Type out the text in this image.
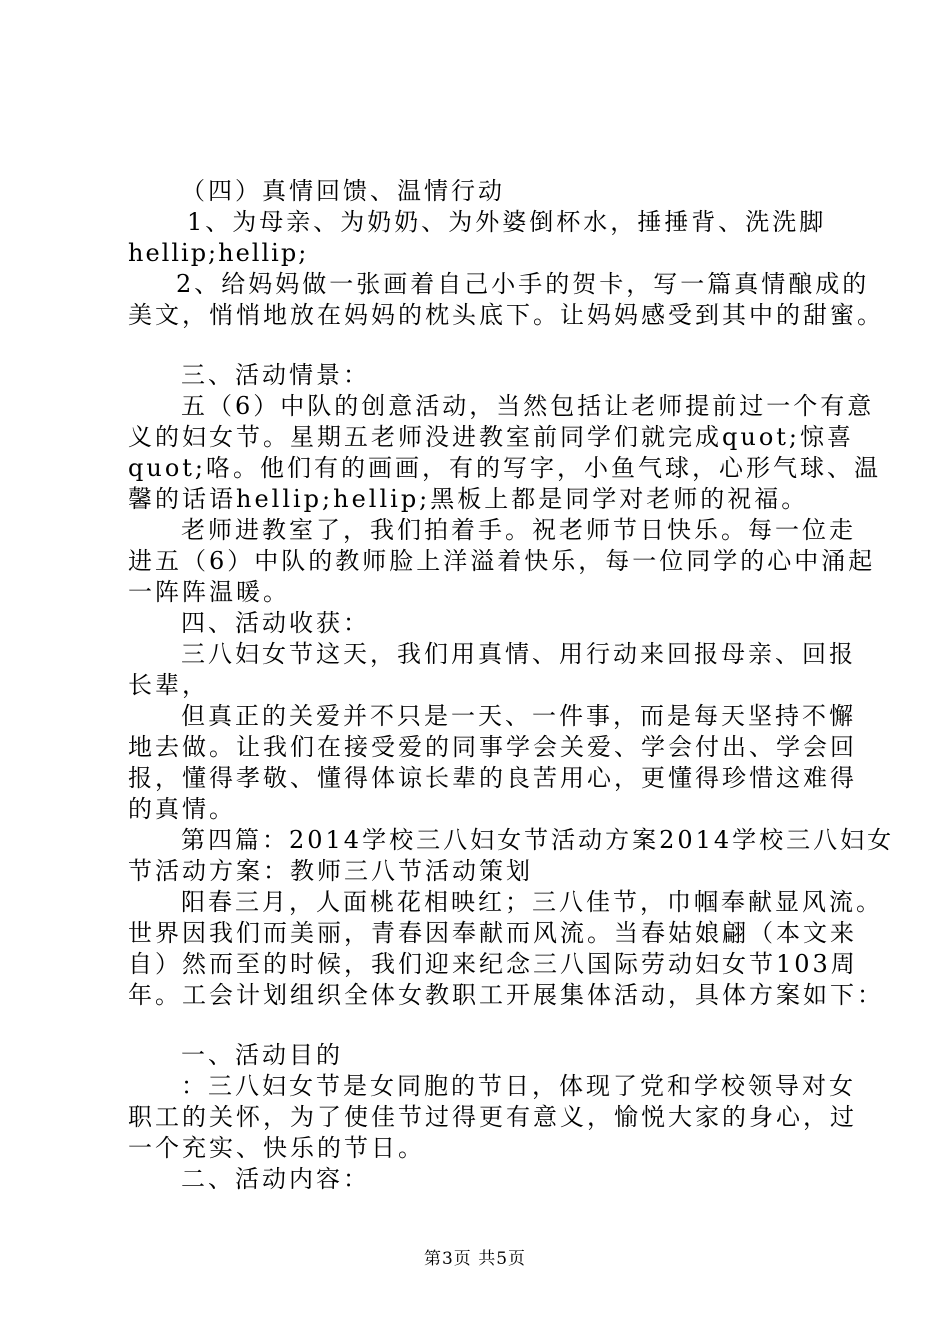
（四）真情回馈、温情行动
1、为母亲、为奶奶、为外婆倒杯水，捶捶背、洗洗脚
hellip;hellip;
2、给妈妈做一张画着自己小手的贺卡，写一篇真情酿成的
美文，悄悄地放在妈妈的枕头底下。让妈妈感受到其中的甜蜜。
三、活动情景：
五（6）中队的创意活动，当然包括让老师提前过一个有意
义的妇女节。星期五老师没进教室前同学们就完成quot;惊喜
quot;咯。他们有的画画，有的写字，小鱼气球，心形气球、温
馨的话语hellip;hellip;黑板上都是同学对老师的祝福。
老师进教室了，我们拍着手。祝老师节日快乐。每一位走
进五（6）中队的教师脸上洋溢着快乐，每一位同学的心中涌起
一阵阵温暖。
四、活动收获：
三八妇女节这天，我们用真情、用行动来回报母亲、回报
长辈，
但真正的关爱并不只是一天、一件事，而是每天坚持不懈
地去做。让我们在接受爱的同事学会关爱、学会付出、学会回
报，懂得孝敬、懂得体谅长辈的良苦用心，更懂得珍惜这难得
的真情。
第四篇：2014学校三八妇女节活动方案2014学校三八妇女
节活动方案：教师三八节活动策划
阳春三月，人面桃花相映红；三八佳节，巾帼奉献显风流。
世界因我们而美丽，青春因奉献而风流。当春姑娘翩（本文来
自）然而至的时候，我们迎来纪念三八国际劳动妇女节103周
年。工会计划组织全体女教职工开展集体活动，具体方案如下：
一、活动目的
：三八妇女节是女同胞的节日，体现了党和学校领导对女
职工的关怀，为了使佳节过得更有意义，愉悦大家的身心，过
一个充实、快乐的节日。
二、活动内容：
第3页 共5页
